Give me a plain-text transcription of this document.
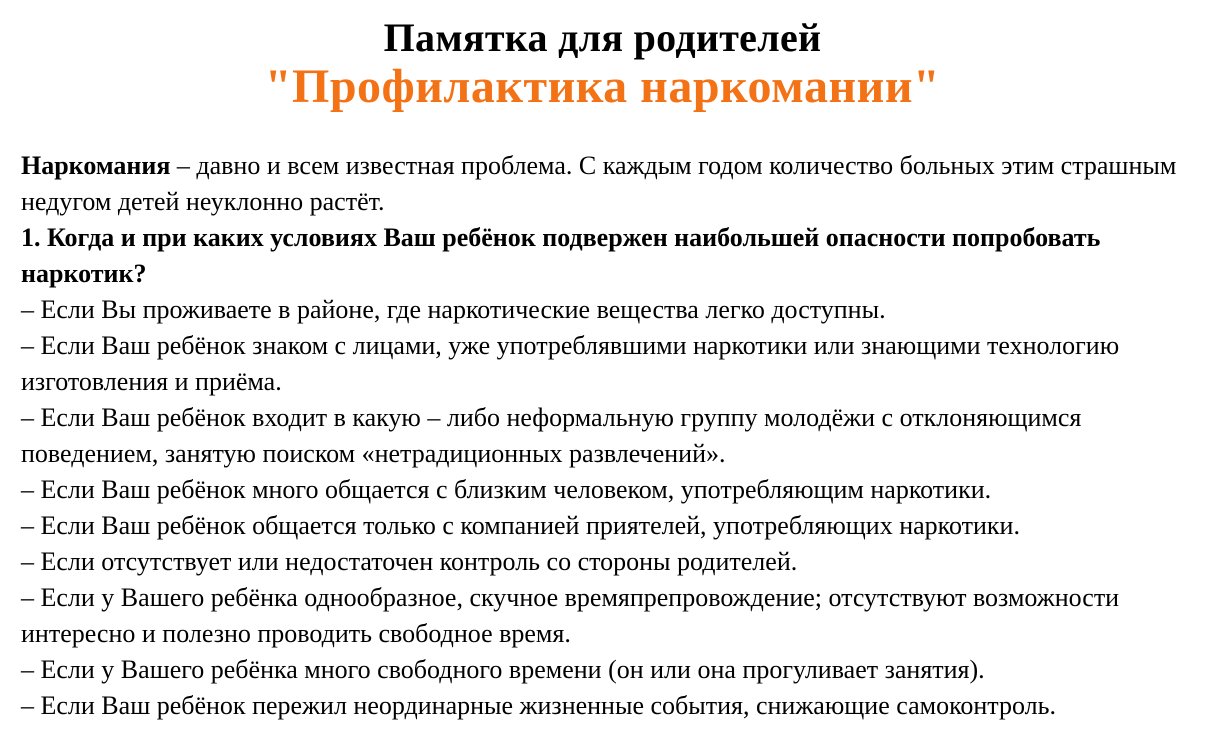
Памятка для родителей
"Профилактика наркомании"

Наркомания – давно и всем известная проблема. С каждым годом количество больных этим страшным недугом детей неуклонно растёт.

1. Когда и при каких условиях Ваш ребёнок подвержен наибольшей опасности попробовать наркотик?

– Если Вы проживаете в районе, где наркотические вещества легко доступны.

– Если Ваш ребёнок знаком с лицами, уже употреблявшими наркотики или знающими технологию изготовления и приёма.

– Если Ваш ребёнок входит в какую – либо неформальную группу молодёжи с отклоняющимся поведением, занятую поиском «нетрадиционных развлечений».

– Если Ваш ребёнок много общается с близким человеком, употребляющим наркотики.

– Если Ваш ребёнок общается только с компанией приятелей, употребляющих наркотики.

– Если отсутствует или недостаточен контроль со стороны родителей.

– Если у Вашего ребёнка однообразное, скучное времяпрепровождение; отсутствуют возможности интересно и полезно проводить свободное время.

– Если у Вашего ребёнка много свободного времени (он или она прогуливает занятия).

– Если Ваш ребёнок пережил неординарные жизненные события, снижающие самоконтроль.
